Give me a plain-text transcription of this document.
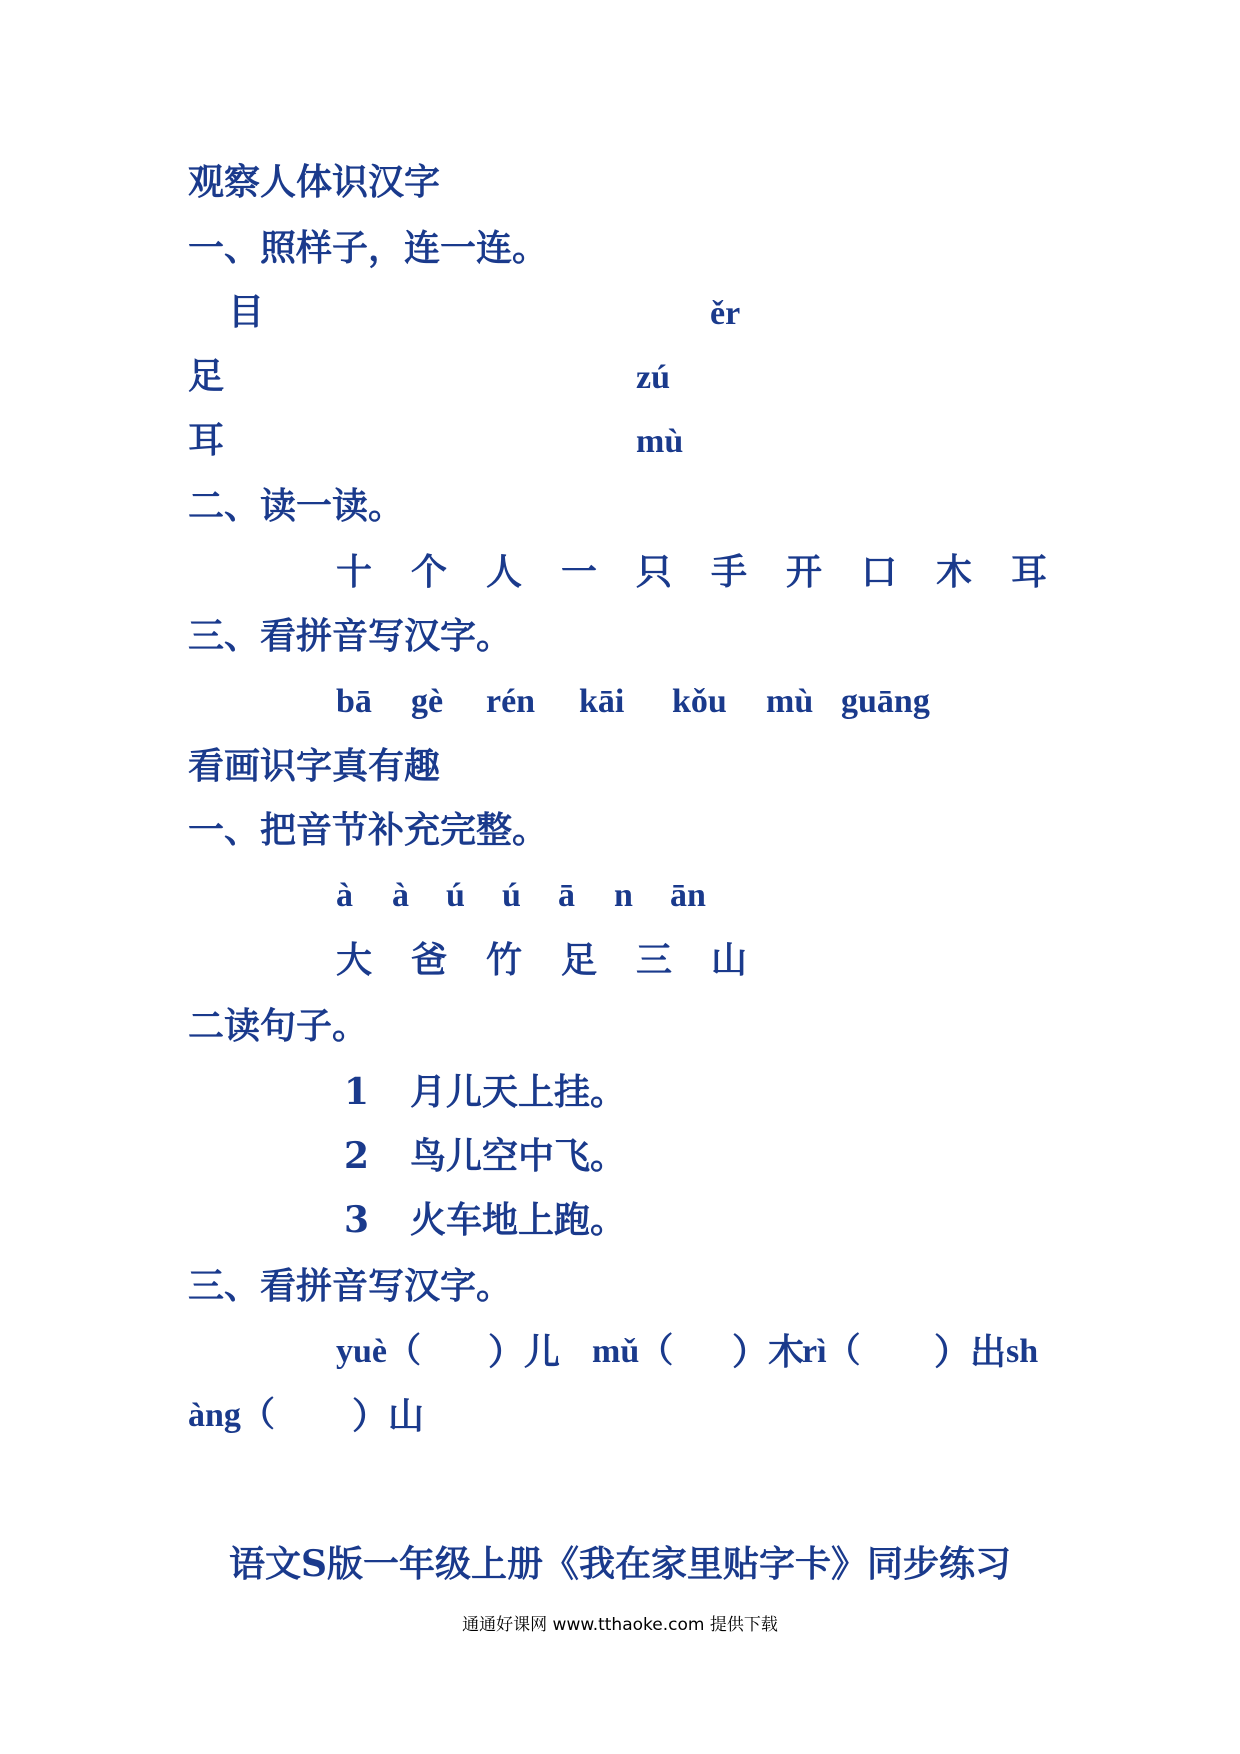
观察人体识汉字
一、照样子，连一连。
目	ěr
足	zú
耳	mù
二、读一读。
十 个 人 一 只 手 开 口 木 耳
三、看拼音写汉字。
bā gè rén kāi kǒu mù guāng
看画识字真有趣
一、把音节补充完整。
à à ú ú ā n ān
大 爸 竹 足 三 山
二读句子。
1 月儿天上挂。
2 鸟儿空中飞。
3 火车地上跑。
三、看拼音写汉字。
yuè（ ）儿 mǔ（ ）木
rì（ ）出 sh
àng（ ）山
语文S版一年级上册《我在家里贴字卡》同步练习
通通好课网 www.tthaoke.com 提供下载
